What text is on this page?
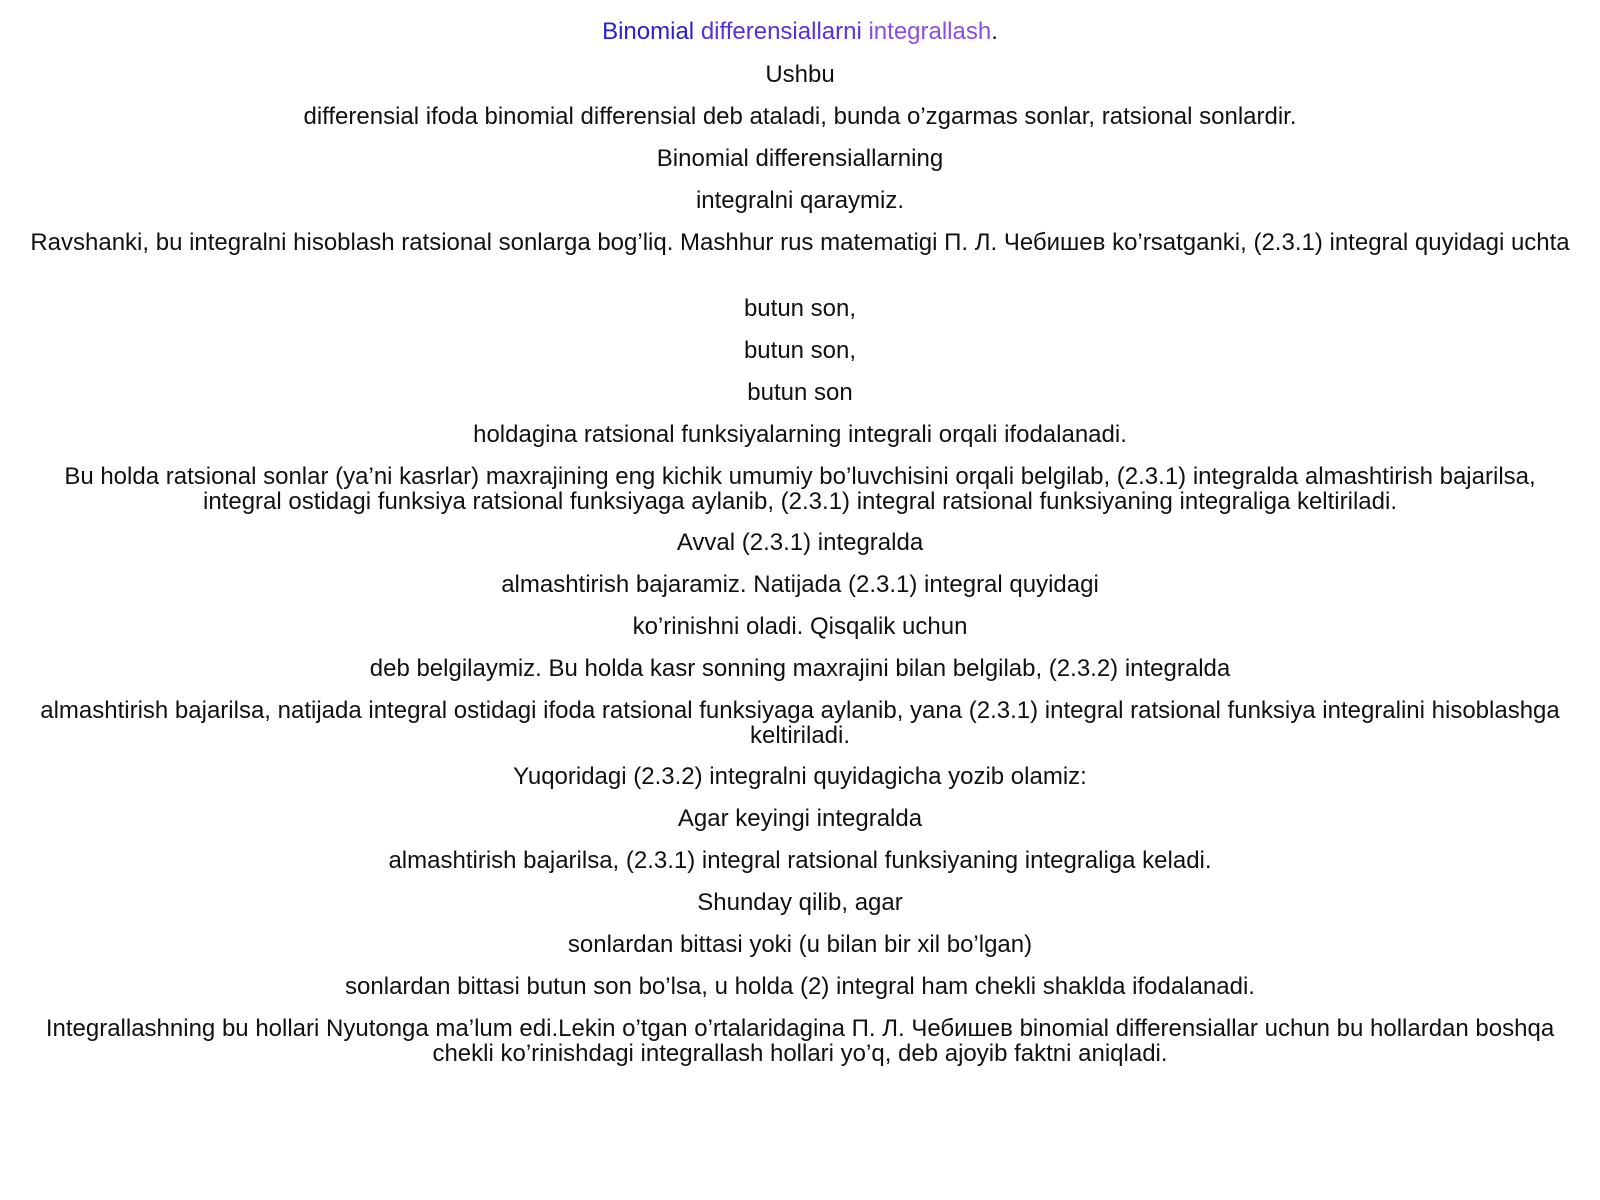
Binomial differensiallarni integrallash.

Ushbu

differensial ifoda binomial differensial deb ataladi, bunda o’zgarmas sonlar, ratsional sonlardir.

Binomial differensiallarning

integralni qaraymiz.

Ravshanki, bu integralni hisoblash ratsional sonlarga bog’liq. Mashhur rus matematigi П. Л. Чебишев ko’rsatganki, (2.3.1) integral quyidagi uchta

butun son,

butun son,

butun son

holdagina ratsional funksiyalarning integrali orqali ifodalanadi.

Bu holda ratsional sonlar (ya’ni kasrlar) maxrajining eng kichik umumiy bo’luvchisini orqali belgilab, (2.3.1) integralda almashtirish bajarilsa, integral ostidagi funksiya ratsional funksiyaga aylanib, (2.3.1) integral ratsional funksiyaning integraliga keltiriladi.

Avval (2.3.1) integralda

almashtirish bajaramiz. Natijada (2.3.1) integral quyidagi

ko’rinishni oladi. Qisqalik uchun

deb belgilaymiz. Bu holda kasr sonning maxrajini bilan belgilab, (2.3.2) integralda

almashtirish bajarilsa, natijada integral ostidagi ifoda ratsional funksiyaga aylanib, yana (2.3.1) integral ratsional funksiya integralini hisoblashga keltiriladi.

Yuqoridagi (2.3.2) integralni quyidagicha yozib olamiz:

Agar keyingi integralda

almashtirish bajarilsa, (2.3.1) integral ratsional funksiyaning integraliga keladi.

Shunday qilib, agar

sonlardan bittasi yoki (u bilan bir xil bo’lgan)

sonlardan bittasi butun son bo’lsa, u holda (2) integral ham chekli shaklda ifodalanadi.

Integrallashning bu hollari Nyutonga ma’lum edi.Lekin o’tgan o’rtalaridagina П. Л. Чебишев binomial differensiallar uchun bu hollardan boshqa chekli ko’rinishdagi integrallash hollari yo’q, deb ajoyib faktni aniqladi.
